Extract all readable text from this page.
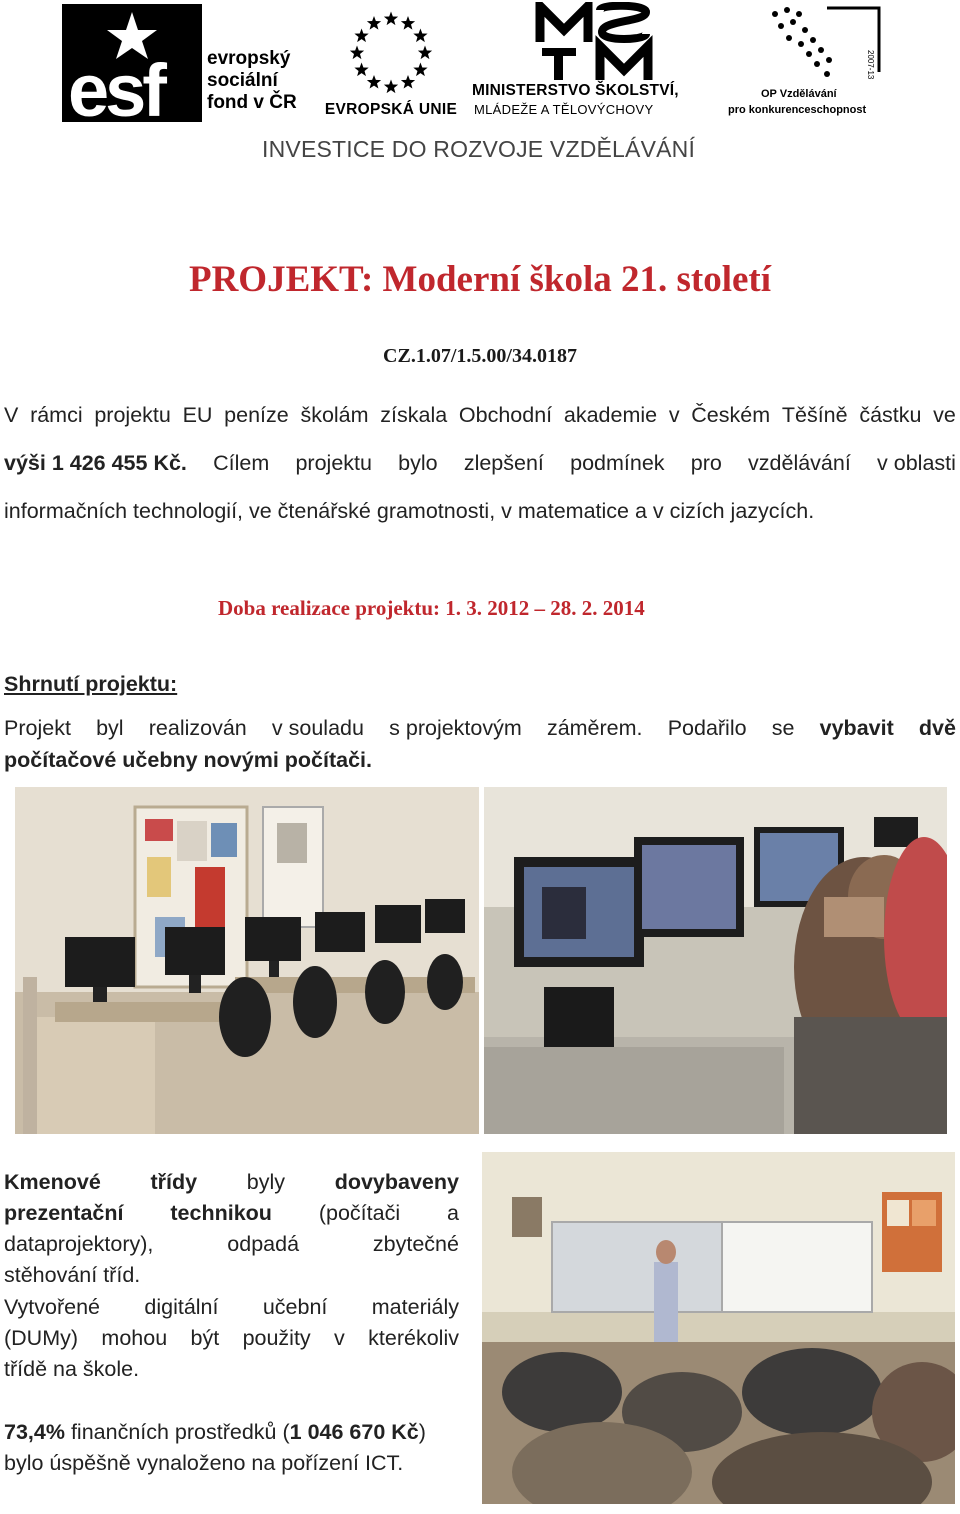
esf evropský
sociální
fond v ČR	EVROPSKÁ UNIE
MINISTERSTVO ŠKOLSTVÍ,
MLÁDEŽE A TĚLOVÝCHOVY
2007-13
OP Vzdělávání
pro konkurenceschopnost
INVESTICE DO ROZVOJE VZDĚLÁVÁNÍ
PROJEKT: Moderní škola 21. století
CZ.1.07/1.5.00/34.0187
V rámci projektu EU peníze školám získala Obchodní akademie v Českém Těšíně částku ve
výši 1 426 455 Kč. Cílem projektu bylo zlepšení podmínek pro vzdělávání v oblasti
informačních technologií, ve čtenářské gramotnosti, v matematice a v cizích jazycích.
Doba realizace projektu: 1. 3. 2012 – 28. 2. 2014
Shrnutí projektu:
Projekt byl realizován v souladu s projektovým záměrem. Podařilo se vybavit dvě
počítačové učebny novými počítači.
Kmenové třídy byly dovybaveny
prezentační technikou (počítači a
dataprojektory),	odpadá	zbytečné
stěhování tříd.
Vytvořené digitální učební materiály
(DUMy) mohou být použity v kterékoliv
třídě na škole.
73,4% finančních prostředků (1 046 670 Kč)
bylo úspěšně vynaloženo na pořízení ICT.
